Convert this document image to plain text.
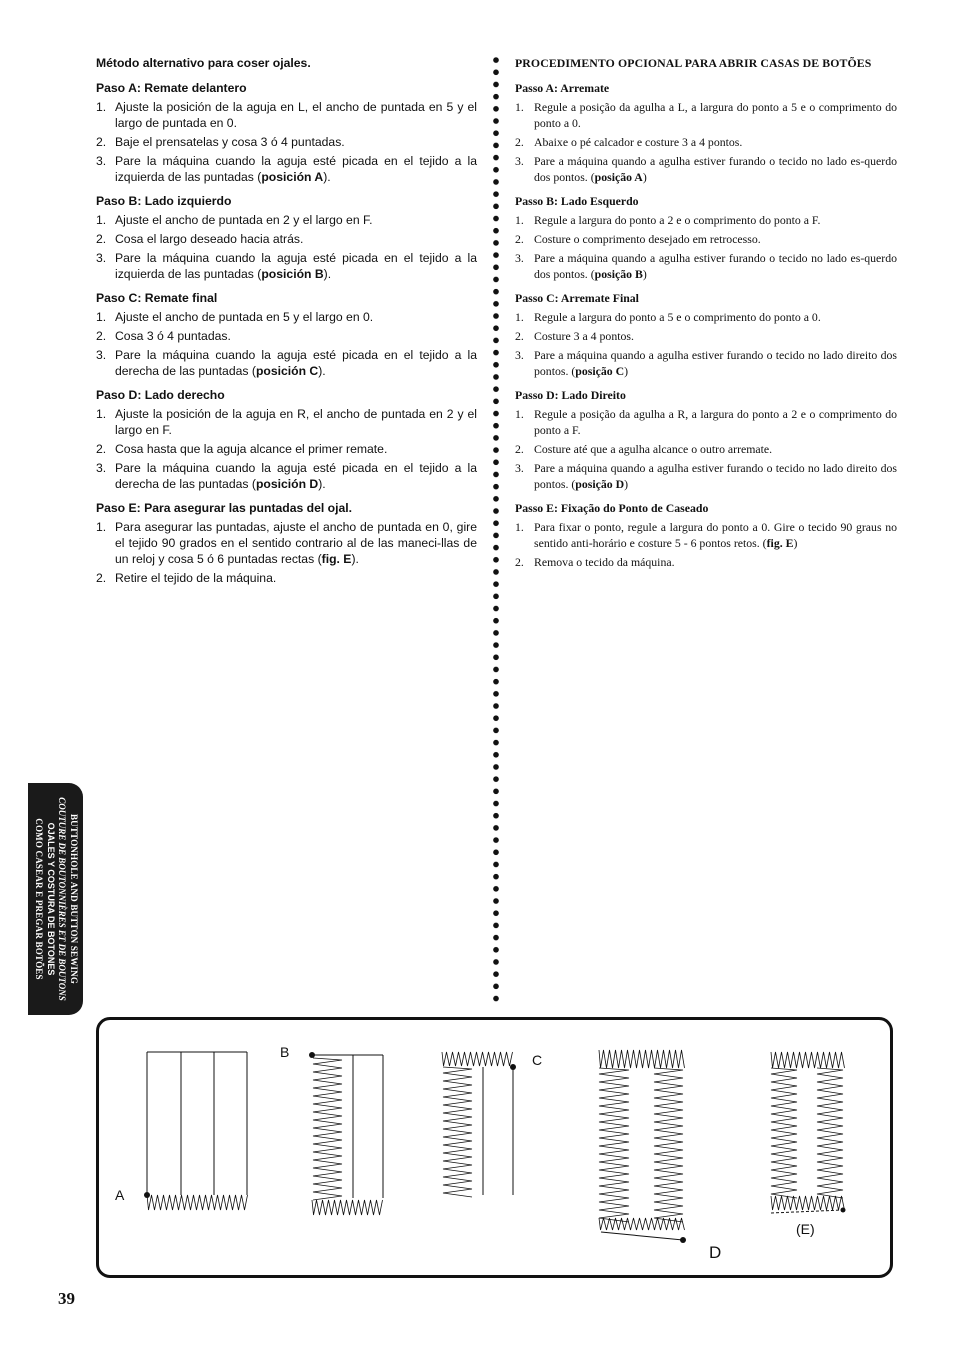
Método alternativo para coser ojales.
Paso A: Remate delantero
1. Ajuste la posición de la aguja en L, el ancho de puntada en 5 y el largo de puntada en 0.
2. Baje el prensatelas y cosa 3 ó 4 puntadas.
3. Pare la máquina cuando la aguja esté picada en el tejido a la izquierda de las puntadas (posición A).
Paso B: Lado izquierdo
1. Ajuste el ancho de puntada en 2 y el largo en F.
2. Cosa el largo deseado hacia atrás.
3. Pare la máquina cuando la aguja esté picada en el tejido a la izquierda de las puntadas (posición B).
Paso C: Remate final
1. Ajuste el ancho de puntada en 5 y el largo en 0.
2. Cosa 3 ó 4 puntadas.
3. Pare la máquina cuando la aguja esté picada en el tejido a la derecha de las puntadas (posición C).
Paso D: Lado derecho
1. Ajuste la posición de la aguja en R, el ancho de puntada en 2 y el largo en F.
2. Cosa hasta que la aguja alcance el primer remate.
3. Pare la máquina cuando la aguja esté picada en el tejido a la derecha de las puntadas (posición D).
Paso E: Para asegurar las puntadas del ojal.
1. Para asegurar las puntadas, ajuste el ancho de puntada en 0, gire el tejido 90 grados en el sentido contrario al de las maneci-llas de un reloj y cosa 5 ó 6 puntadas rectas (fig. E).
2. Retire el tejido de la máquina.
PROCEDIMENTO OPCIONAL PARA ABRIR CASAS DE BOTÕES
Passo A: Arremate
1. Regule a posição da agulha a L, a largura do ponto a 5 e o comprimento do ponto a 0.
2. Abaixe o pé calcador e costure 3 a 4 pontos.
3. Pare a máquina quando a agulha estiver furando o tecido no lado es-querdo dos pontos. (posição A)
Passo B: Lado Esquerdo
1. Regule a largura do ponto a 2 e o comprimento do ponto a F.
2. Costure o comprimento desejado em retrocesso.
3. Pare a máquina quando a agulha estiver furando o tecido no lado es-querdo dos pontos. (posição B)
Passo C: Arremate Final
1. Regule a largura do ponto a 5 e o comprimento do ponto a 0.
2. Costure 3 a 4 pontos.
3. Pare a máquina quando a agulha estiver furando o tecido no lado direito dos pontos. (posição C)
Passo D: Lado Direito
1. Regule a posição da agulha a R, a largura do ponto a 2 e o comprimento do ponto a F.
2. Costure até que a agulha alcance o outro arremate.
3. Pare a máquina quando a agulha estiver furando o tecido no lado direito dos pontos. (posição D)
Passo E: Fixação do Ponto de Caseado
1. Para fixar o ponto, regule a largura do ponto a 0. Gire o tecido 90 graus no sentido anti-horário e costure 5 - 6 pontos retos. (fig. E)
2. Remova o tecido da máquina.
BUTTONHOLE AND BUTTON SEWING
COUTURE DE BOUTONNIÈRES ET DE BOUTONS
OJALES Y COSTURA DE BOTONES
COMO CASEAR E PREGAR BOTÕES
A
B	C
D
(E)
39
